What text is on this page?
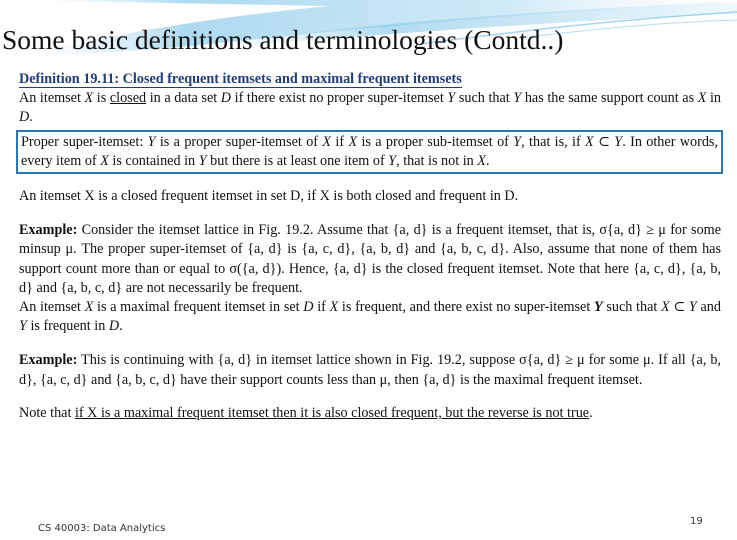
Some basic definitions and terminologies (Contd..)

Definition 19.11: Closed frequent itemsets and maximal frequent itemsets

An itemset X is closed in a data set D if there exist no proper super-itemset Y such that Y has the same support count as X in D.

Proper super-itemset: Y is a proper super-itemset of X if X is a proper sub-itemset of Y, that is, if X ⊂ Y. In other words, every item of X is contained in Y but there is at least one item of Y, that is not in X.

An itemset X is a closed frequent itemset in set D, if X is both closed and frequent in D.

Example: Consider the itemset lattice in Fig. 19.2. Assume that {a, d} is a frequent itemset, that is, σ{a, d} ≥ μ for some minsup μ. The proper super-itemset of {a, d} is {a, c, d}, {a, b, d} and {a, b, c, d}. Also, assume that none of them has support count more than or equal to σ({a, d}). Hence, {a, d} is the closed frequent itemset. Note that here {a, c, d}, {a, b, d} and {a, b, c, d} are not necessarily be frequent.

An itemset X is a maximal frequent itemset in set D if X is frequent, and there exist no super-itemset Y such that X ⊂ Y and Y is frequent in D.

Example: This is continuing with {a, d} in itemset lattice shown in Fig. 19.2, suppose σ{a, d} ≥ μ for some μ. If all {a, b, d}, {a, c, d} and {a, b, c, d} have their support counts less than μ, then {a, d} is the maximal frequent itemset.

Note that if X is a maximal frequent itemset then it is also closed frequent, but the reverse is not true.

CS 40003: Data Analytics
19
